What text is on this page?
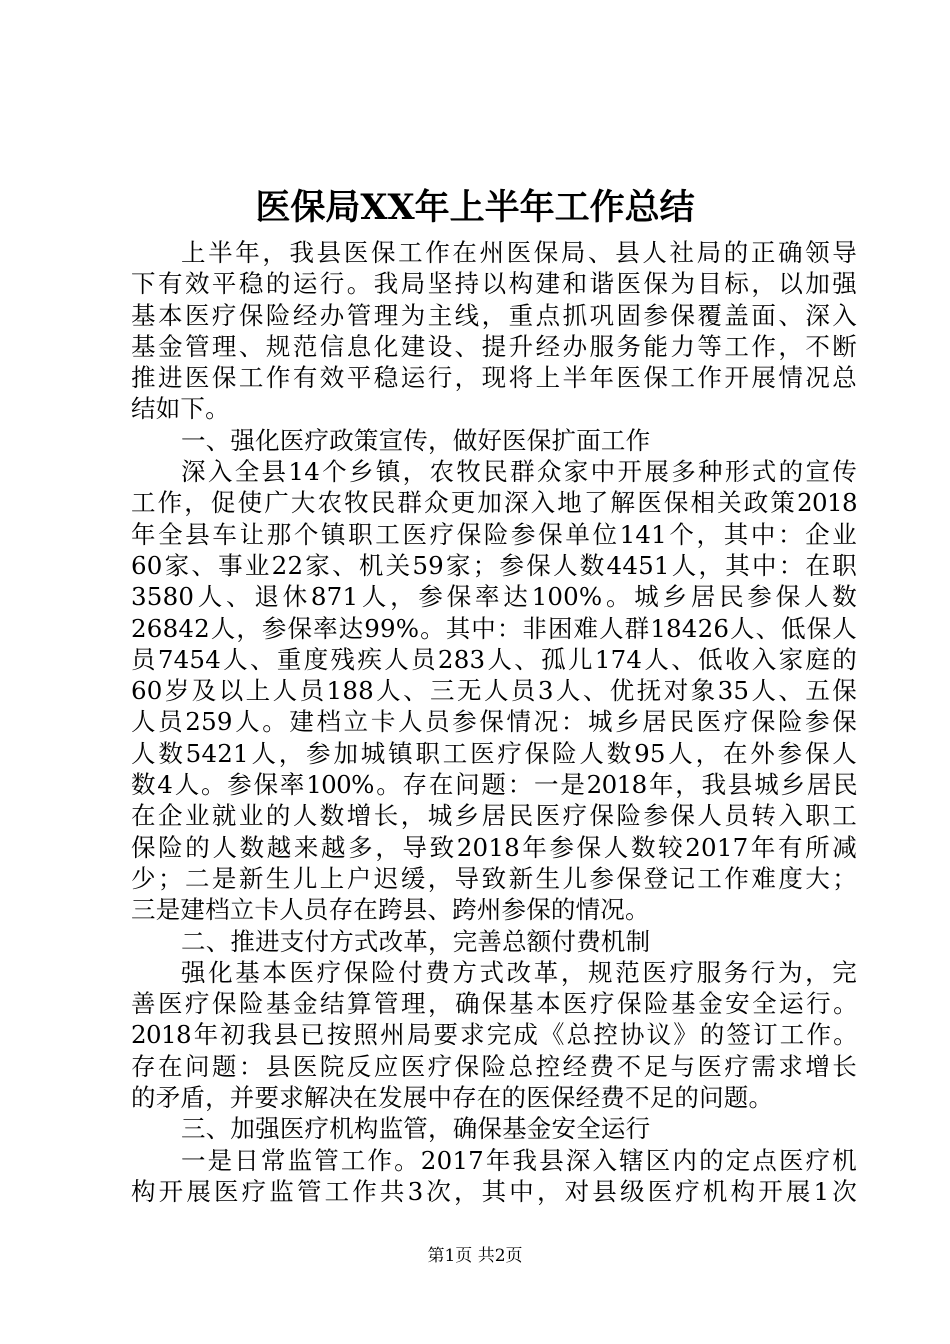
医保局XX年上半年工作总结
上半年，我县医保工作在州医保局、县人社局的正确领导
下有效平稳的运行。我局坚持以构建和谐医保为目标，以加强
基本医疗保险经办管理为主线，重点抓巩固参保覆盖面、深入
基金管理、规范信息化建设、提升经办服务能力等工作，不断
推进医保工作有效平稳运行，现将上半年医保工作开展情况总
结如下。
一、强化医疗政策宣传，做好医保扩面工作
深入全县14个乡镇，农牧民群众家中开展多种形式的宣传
工作，促使广大农牧民群众更加深入地了解医保相关政策2018
年全县车让那个镇职工医疗保险参保单位141个，其中：企业
60家、事业22家、机关59家；参保人数4451人，其中：在职
3580人、退休871人，参保率达100%。城乡居民参保人数
26842人，参保率达99%。其中：非困难人群18426人、低保人
员7454人、重度残疾人员283人、孤儿174人、低收入家庭的
60岁及以上人员188人、三无人员3人、优抚对象35人、五保
人员259人。建档立卡人员参保情况：城乡居民医疗保险参保
人数5421人，参加城镇职工医疗保险人数95人，在外参保人
数4人。参保率100%。存在问题：一是2018年，我县城乡居民
在企业就业的人数增长，城乡居民医疗保险参保人员转入职工
保险的人数越来越多，导致2018年参保人数较2017年有所减
少；二是新生儿上户迟缓，导致新生儿参保登记工作难度大；
三是建档立卡人员存在跨县、跨州参保的情况。
二、推进支付方式改革，完善总额付费机制
强化基本医疗保险付费方式改革，规范医疗服务行为，完
善医疗保险基金结算管理，确保基本医疗保险基金安全运行。
2018年初我县已按照州局要求完成《总控协议》的签订工作。
存在问题：县医院反应医疗保险总控经费不足与医疗需求增长
的矛盾，并要求解决在发展中存在的医保经费不足的问题。
三、加强医疗机构监管，确保基金安全运行
一是日常监管工作。2017年我县深入辖区内的定点医疗机
构开展医疗监管工作共3次，其中，对县级医疗机构开展1次
第1页 共2页
